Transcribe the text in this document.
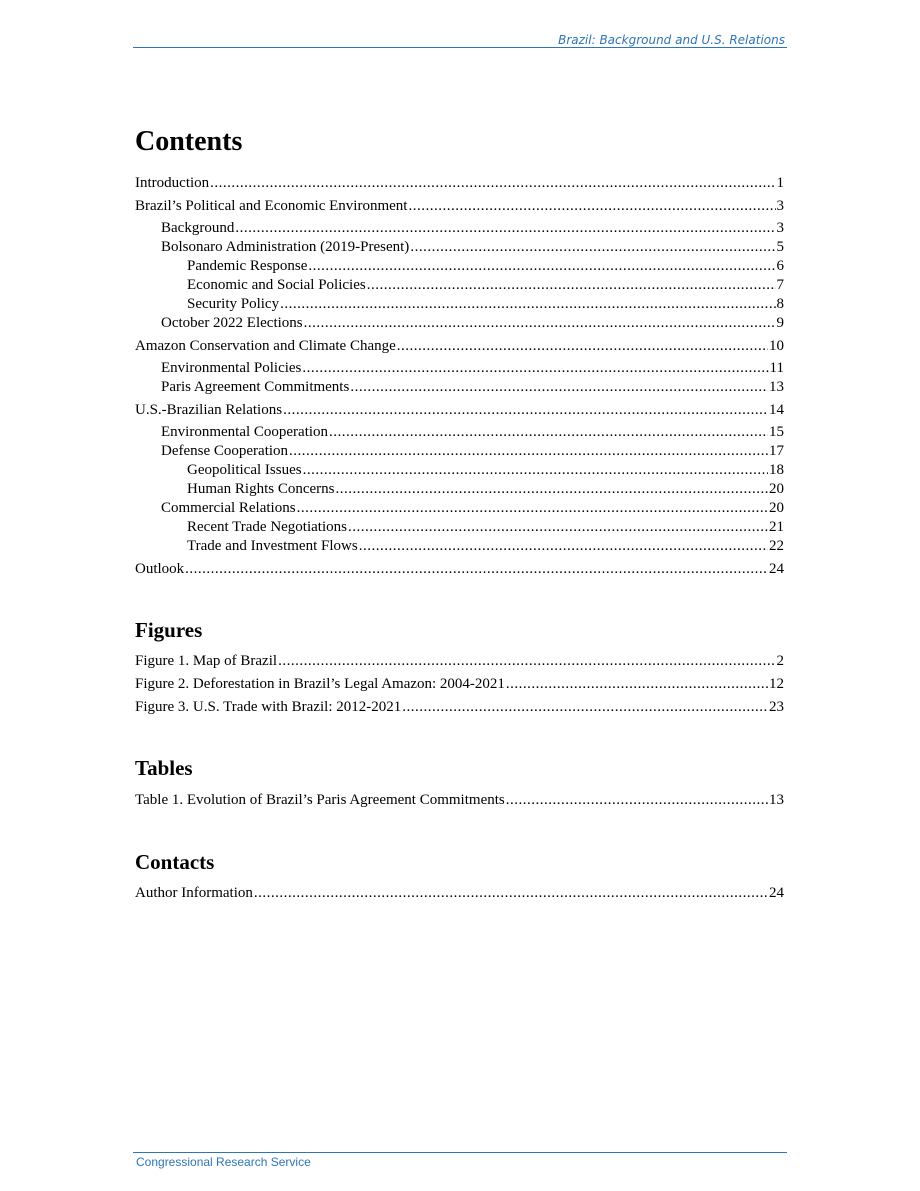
Brazil: Background and U.S. Relations
Contents
Introduction .....	1
Brazil’s Political and Economic Environment .....	3
Background .....	3
Bolsonaro Administration (2019-Present) .....	5
Pandemic Response .....	6
Economic and Social Policies .....	7
Security Policy .....	8
October 2022 Elections .....	9
Amazon Conservation and Climate Change .....	10
Environmental Policies .....	11
Paris Agreement Commitments .....	13
U.S.-Brazilian Relations .....	14
Environmental Cooperation .....	15
Defense Cooperation .....	17
Geopolitical Issues .....	18
Human Rights Concerns .....	20
Commercial Relations .....	20
Recent Trade Negotiations .....	21
Trade and Investment Flows .....	22
Outlook .....	24
Figures
Figure 1. Map of Brazil .....	2
Figure 2. Deforestation in Brazil’s Legal Amazon: 2004-2021 .....	12
Figure 3. U.S. Trade with Brazil: 2012-2021 .....	23
Tables
Table 1. Evolution of Brazil’s Paris Agreement Commitments .....	13
Contacts
Author Information .....	24
Congressional Research Service
